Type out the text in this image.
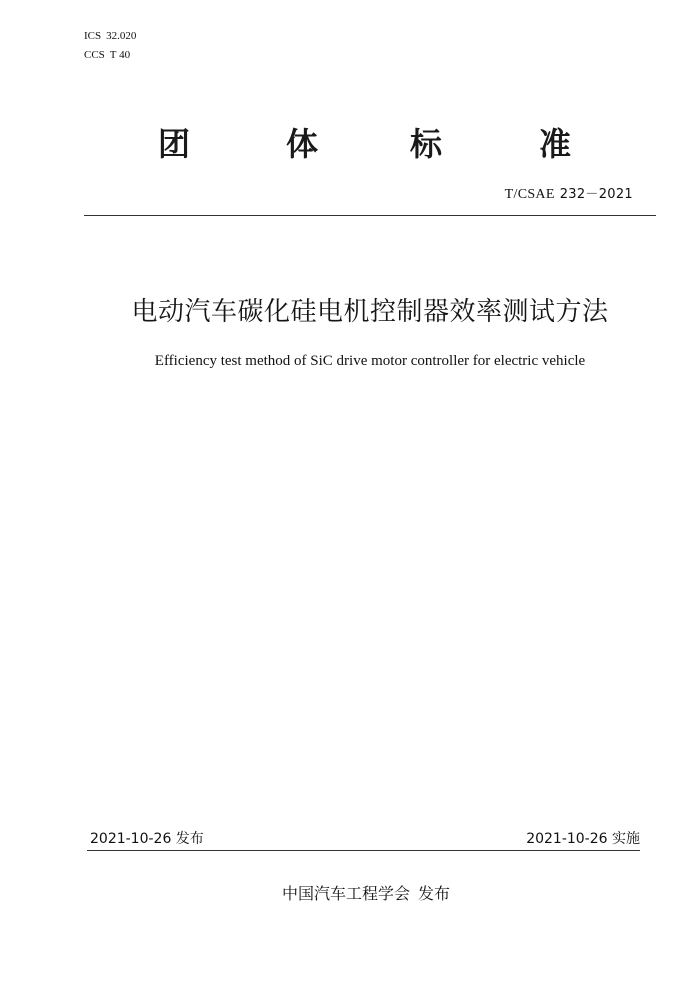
ICS 32.020
CCS T 40
团	体	标	准
T/CSAE 232－2021
电动汽车碳化硅电机控制器效率测试方法
Efficiency test method of SiC drive motor controller for electric vehicle
2021-10-26 发布	2021-10-26 实施
中国汽车工程学会 发布
